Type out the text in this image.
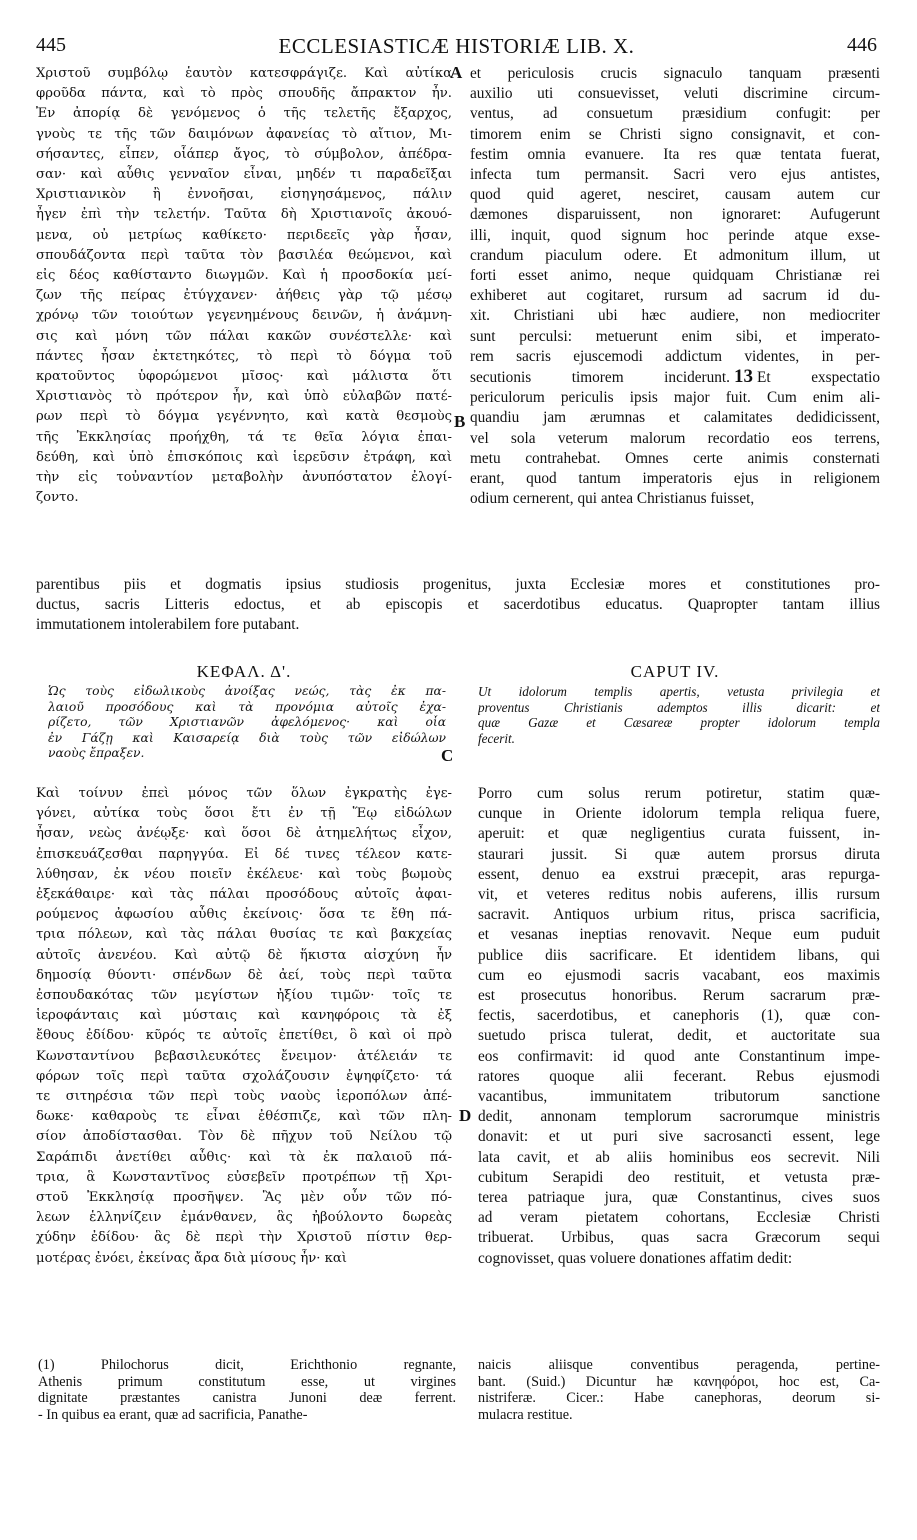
445	ECCLESIASTICÆ HISTORIÆ LIB. X.	446
Χριστοῦ συμβόλῳ ἑαυτὸν κατεσφράγιζε. Καὶ αὐτίκα
φροῦδα πάντα, καὶ τὸ πρὸς σπουδῆς ἄπρακτον ἦν.
Ἐν ἀπορίᾳ δὲ γενόμενος ὁ τῆς τελετῆς ἔξαρχος,
γνοὺς τε τῆς τῶν δαιμόνων ἀφανείας τὸ αἴτιον, Μι-
σήσαντες, εἶπεν, οἷάπερ ἄγος, τὸ σύμβολον, ἀπέδρα-
σαν· καὶ αὖθις γενναῖον εἶναι, μηδέν τι παραδεῖξαι
Χριστιανικὸν ἢ ἐννοῆσαι, εἰσηγησάμενος, πάλιν
ἦγεν ἐπὶ τὴν τελετήν. Ταῦτα δὴ Χριστιανοῖς ἀκουό-
μενα, οὐ μετρίως καθίκετο· περιδεεῖς γὰρ ἦσαν,
σπουδάζοντα περὶ ταῦτα τὸν βασιλέα θεώμενοι, καὶ
εἰς δέος καθίσταντο διωγμῶν. Καὶ ἡ προσδοκία μεί-
ζων τῆς πείρας ἐτύγχανεν· ἀήθεις γὰρ τῷ μέσῳ
χρόνῳ τῶν τοιούτων γεγενημένους δεινῶν, ἡ ἀνάμνη-
σις καὶ μόνη τῶν πάλαι κακῶν συνέστελλε· καὶ
πάντες ἦσαν ἐκτετηκότες, τὸ περὶ τὸ δόγμα τοῦ
κρατοῦντος ὑφορώμενοι μῖσος· καὶ μάλιστα ὅτι
Χριστιανὸς τὸ πρότερον ἦν, καὶ ὑπὸ εὐλαβῶν πατέ-
ρων περὶ τὸ δόγμα γεγέννητο, καὶ κατὰ θεσμοὺς
τῆς Ἐκκλησίας προήχθη, τά τε θεῖα λόγια ἐπαι-
δεύθη, καὶ ὑπὸ ἐπισκόποις καὶ ἱερεῦσιν ἐτράφη, καὶ
τὴν εἰς τοὐναντίον μεταβολὴν ἀνυπόστατον ἐλογί-
ζοντο.
et periculosis crucis signaculo tanquam præsenti
auxilio uti consuevisset, veluti discrimine circum-
ventus, ad consuetum præsidium confugit: per
timorem enim se Christi signo consignavit, et con-
festim omnia evanuere. Ita res quæ tentata fuerat,
infecta tum permansit. Sacri vero ejus antistes,
quod quid ageret, nesciret, causam autem cur
dæmones disparuissent, non ignoraret: Aufugerunt
illi, inquit, quod signum hoc perinde atque exse-
crandum piaculum odere. Et admonitum illum, ut
forti esset animo, neque quidquam Christianæ rei
exhiberet aut cogitaret, rursum ad sacrum id du-
xit. Christiani ubi hæc audiere, non mediocriter
sunt perculsi: metuerunt enim sibi, et imperato-
rem sacris ejuscemodi addictum videntes, in per-
secutionis timorem inciderunt. 13 Et exspectatio
periculorum periculis ipsis major fuit. Cum enim ali-
quandiu jam ærumnas et calamitates dedidicissent,
vel sola veterum malorum recordatio eos terrens,
metu contrahebat. Omnes certe animis consternati
erant, quod tantum imperatoris ejus in religionem
odium cernerent, qui antea Christianus fuisset,
A
B
parentibus piis et dogmatis ipsius studiosis progenitus, juxta Ecclesiæ mores et constitutiones pro-
ductus, sacris Litteris edoctus, et ab episcopis et sacerdotibus educatus. Quapropter tantam illius
immutationem intolerabilem fore putabant.
ΚΕΦΑΛ. Δ'.	CAPUT IV.
Ὡς τοὺς εἰδωλικοὺς ἀνοίξας νεώς, τὰς ἐκ πα-
λαιοῦ προσόδους καὶ τὰ προνόμια αὐτοῖς ἐχα-
ρίζετο, τῶν Χριστιανῶν ἀφελόμενος· καὶ οἷα
ἐν Γάζῃ καὶ Καισαρείᾳ διὰ τοὺς τῶν εἰδώλων
ναοὺς ἔπραξεν.
Ut idolorum templis apertis, vetusta privilegia et
proventus Christianis ademptos illis dicarit: et
quæ Gazæ et Cæsareæ propter idolorum templa
fecerit.
C
Καὶ τοίνυν ἐπεὶ μόνος τῶν ὅλων ἐγκρατὴς ἐγε-
γόνει, αὐτίκα τοὺς ὅσοι ἔτι ἐν τῇ Ἕῳ εἰδώλων
ἦσαν, νεὼς ἀνέῳξε· καὶ ὅσοι δὲ ἀτημελήτως εἶχον,
ἐπισκευάζεσθαι παρηγγύα. Εἰ δέ τινες τέλεον κατε-
λύθησαν, ἐκ νέου ποιεῖν ἐκέλευε· καὶ τοὺς βωμοὺς
ἐξεκάθαιρε· καὶ τὰς πάλαι προσόδους αὐτοῖς ἀφαι-
ρούμενος ἀφωσίου αὖθις ἐκείνοις· ὅσα τε ἔθη πά-
τρια πόλεων, καὶ τὰς πάλαι θυσίας τε καὶ βακχείας
αὐτοῖς ἀνενέου. Καὶ αὐτῷ δὲ ἥκιστα αἰσχύνη ἦν
δημοσίᾳ θύοντι· σπένδων δὲ ἀεί, τοὺς περὶ ταῦτα
ἐσπουδακότας τῶν μεγίστων ἠξίου τιμῶν· τοῖς τε
ἱεροφάνταις καὶ μύσταις καὶ κανηφόροις τὰ ἐξ
ἔθους ἐδίδου· κῦρός τε αὐτοῖς ἐπετίθει, ὃ καὶ οἱ πρὸ
Κωνσταντίνου βεβασιλευκότες ἔνειμον· ἀτέλειάν τε
φόρων τοῖς περὶ ταῦτα σχολάζουσιν ἐψηφίζετο· τά
τε σιτηρέσια τῶν περὶ τοὺς ναοὺς ἱεροπόλων ἀπέ-
δωκε· καθαροὺς τε εἶναι ἐθέσπιζε, καὶ τῶν πλη-
σίον ἀποδίστασθαι. Τὸν δὲ πῆχυν τοῦ Νείλου τῷ
Σαράπιδι ἀνετίθει αὖθις· καὶ τὰ ἐκ παλαιοῦ πά-
τρια, ἃ Κωνσταντῖνος εὐσεβεῖν προτρέπων τῇ Χρι-
στοῦ Ἐκκλησίᾳ προσῆψεν. Ἃς μὲν οὖν τῶν πό-
λεων ἑλληνίζειν ἐμάνθανεν, ἃς ἠβούλοντο δωρεὰς
χύδην ἐδίδου· ἃς δὲ περὶ τὴν Χριστοῦ πίστιν θερ-
μοτέρας ἐνόει, ἐκείνας ἄρα διὰ μίσους ἦν· καὶ
Porro cum solus rerum potiretur, statim quæ-
cunque in Oriente idolorum templa reliqua fuere,
aperuit: et quæ negligentius curata fuissent, in-
staurari jussit. Si quæ autem prorsus diruta
essent, denuo ea exstrui præcepit, aras repurga-
vit, et veteres reditus nobis auferens, illis rursum
sacravit. Antiquos urbium ritus, prisca sacrificia,
et vesanas ineptias renovavit. Neque eum puduit
publice diis sacrificare. Et identidem libans, qui
cum eo ejusmodi sacris vacabant, eos maximis
est prosecutus honoribus. Rerum sacrarum præ-
fectis, sacerdotibus, et canephoris (1), quæ con-
suetudo prisca tulerat, dedit, et auctoritate sua
eos confirmavit: id quod ante Constantinum impe-
ratores quoque alii fecerant. Rebus ejusmodi
vacantibus, immunitatem tributorum sanctione
dedit, annonam templorum sacrorumque ministris
donavit: et ut puri sive sacrosancti essent, lege
lata cavit, et ab aliis hominibus eos secrevit. Nili
cubitum Serapidi deo restituit, et vetusta præ-
terea patriaque jura, quæ Constantinus, cives suos
ad veram pietatem cohortans, Ecclesiæ Christi
tribuerat. Urbibus, quas sacra Græcorum sequi
cognovisset, quas voluere donationes affatim dedit:
D
(1) Philochorus dicit, Erichthonio regnante,
Athenis primum constitutum esse, ut virgines
dignitate præstantes canistra Junoni deæ ferrent.
- In quibus ea erant, quæ ad sacrificia, Panathe-
naicis aliisque conventibus peragenda, pertine-
bant. (Suid.) Dicuntur hæ κανηφόροι, hoc est, Ca-
nistriferæ. Cicer.: Habe canephoras, deorum si-
mulacra restitue.
